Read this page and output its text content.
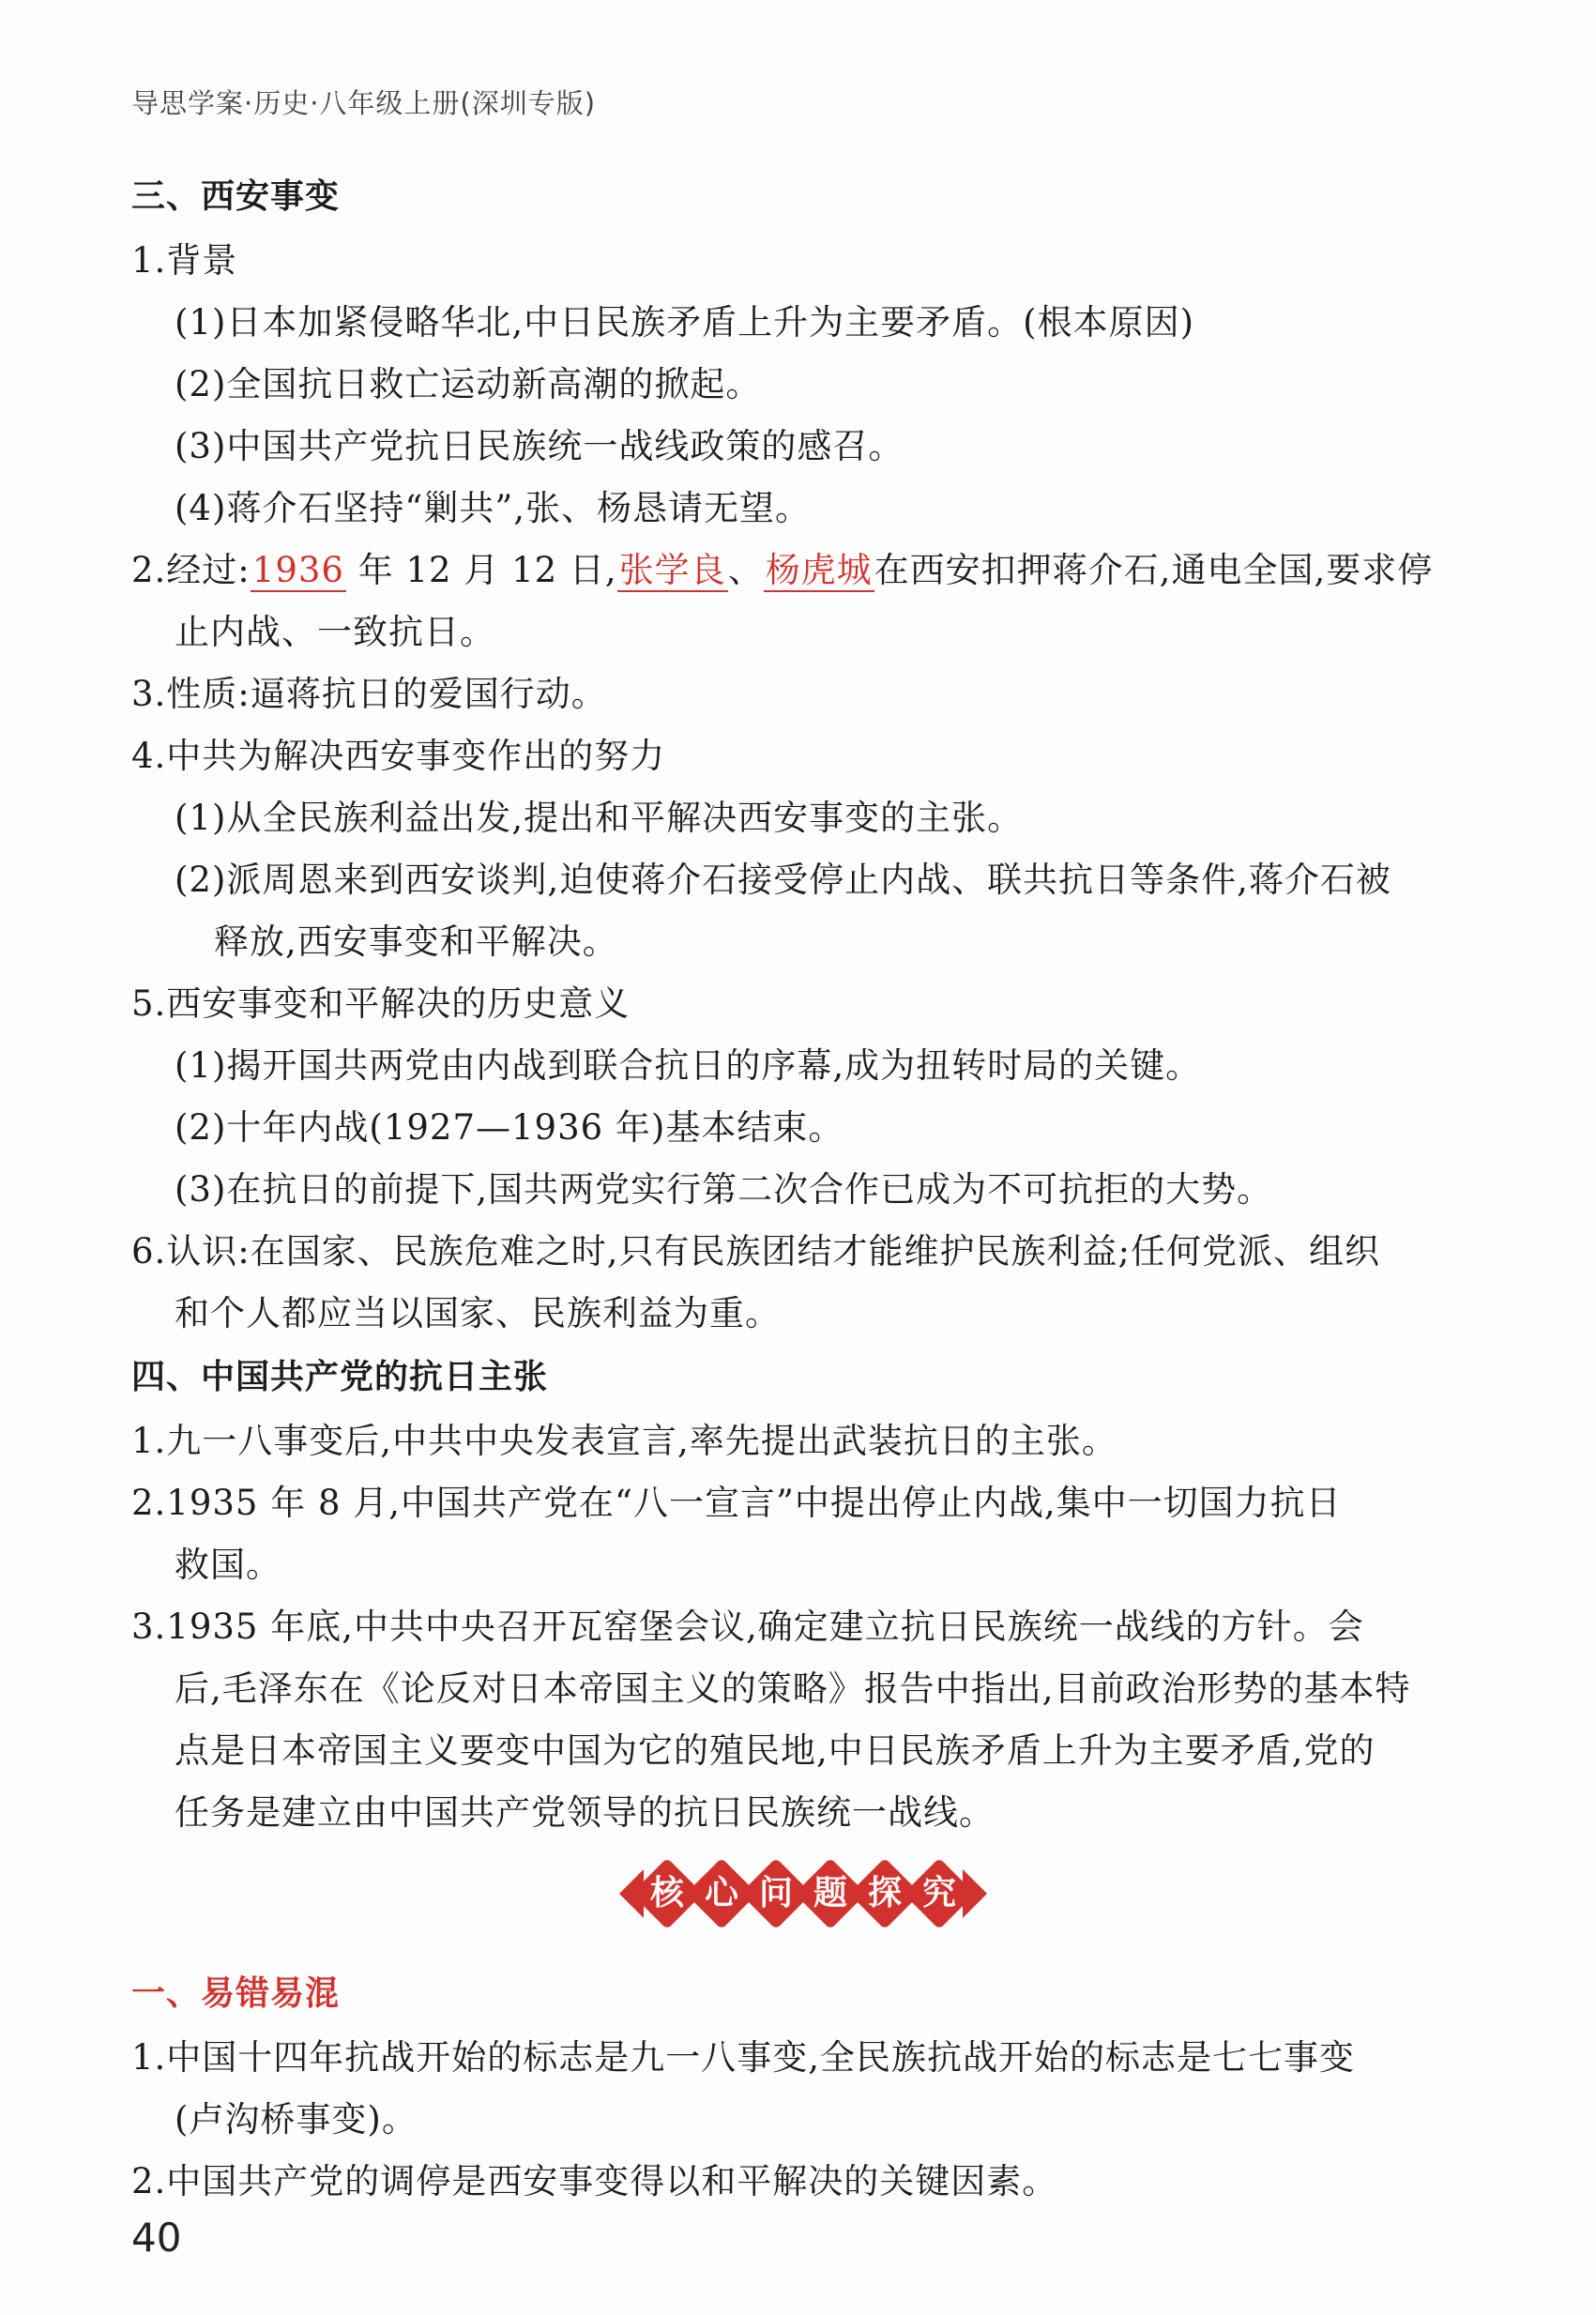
导思学案·历史·八年级上册(深圳专版)
三、西安事变
1.背景
(1)日本加紧侵略华北,中日民族矛盾上升为主要矛盾。(根本原因)
(2)全国抗日救亡运动新高潮的掀起。
(3)中国共产党抗日民族统一战线政策的感召。
(4)蒋介石坚持“剿共”,张、杨恳请无望。
2.经过:1936 年 12 月 12 日,张学良、杨虎城在西安扣押蒋介石,通电全国,要求停
止内战、一致抗日。
3.性质:逼蒋抗日的爱国行动。
4.中共为解决西安事变作出的努力
(1)从全民族利益出发,提出和平解决西安事变的主张。
(2)派周恩来到西安谈判,迫使蒋介石接受停止内战、联共抗日等条件,蒋介石被
释放,西安事变和平解决。
5.西安事变和平解决的历史意义
(1)揭开国共两党由内战到联合抗日的序幕,成为扭转时局的关键。
(2)十年内战(1927—1936 年)基本结束。
(3)在抗日的前提下,国共两党实行第二次合作已成为不可抗拒的大势。
6.认识:在国家、民族危难之时,只有民族团结才能维护民族利益;任何党派、组织
和个人都应当以国家、民族利益为重。
四、中国共产党的抗日主张
1.九一八事变后,中共中央发表宣言,率先提出武装抗日的主张。
2.1935 年 8 月,中国共产党在“八一宣言”中提出停止内战,集中一切国力抗日
救国。
3.1935 年底,中共中央召开瓦窑堡会议,确定建立抗日民族统一战线的方针。会
后,毛泽东在《论反对日本帝国主义的策略》报告中指出,目前政治形势的基本特
点是日本帝国主义要变中国为它的殖民地,中日民族矛盾上升为主要矛盾,党的
任务是建立由中国共产党领导的抗日民族统一战线。
核 心 问 题 探 究
一、易错易混
1.中国十四年抗战开始的标志是九一八事变,全民族抗战开始的标志是七七事变
(卢沟桥事变)。
2.中国共产党的调停是西安事变得以和平解决的关键因素。
40
